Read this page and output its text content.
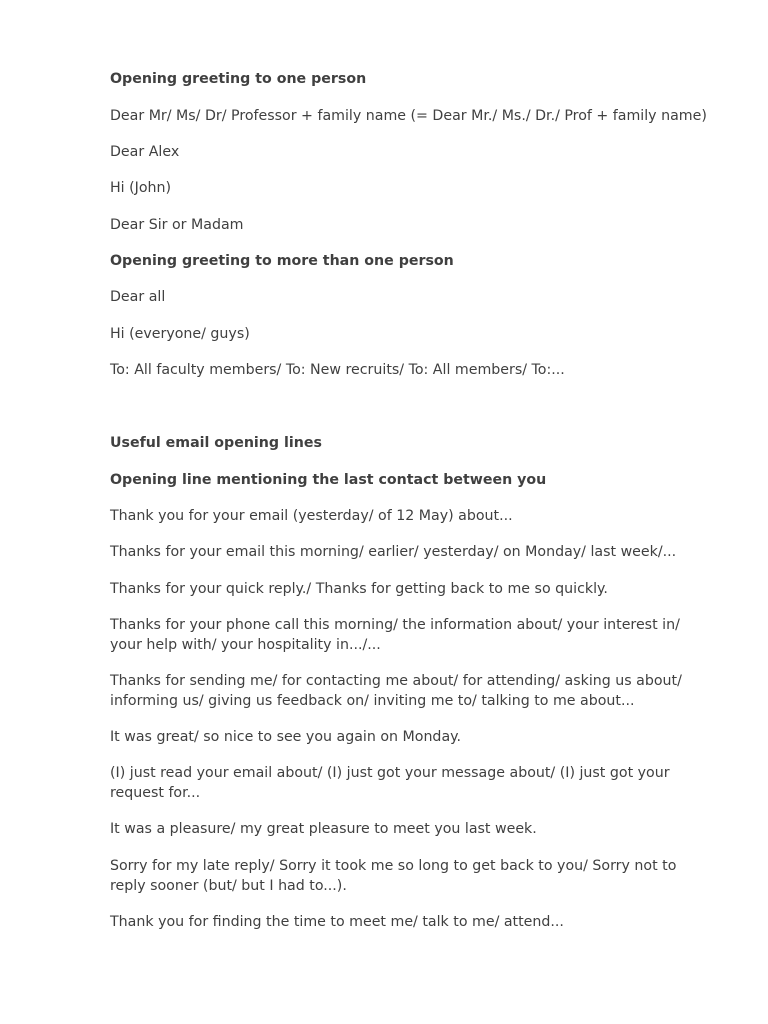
Opening greeting to one person

Dear Mr/ Ms/ Dr/ Professor + family name (= Dear Mr./ Ms./ Dr./ Prof + family name)

Dear Alex

Hi (John)

Dear Sir or Madam

Opening greeting to more than one person

Dear all

Hi (everyone/ guys)

To: All faculty members/ To: New recruits/ To: All members/ To:...

Useful email opening lines

Opening line mentioning the last contact between you

Thank you for your email (yesterday/ of 12 May) about...

Thanks for your email this morning/ earlier/ yesterday/ on Monday/ last week/...

Thanks for your quick reply./ Thanks for getting back to me so quickly.

Thanks for your phone call this morning/ the information about/ your interest in/ your help with/ your hospitality in.../...

Thanks for sending me/ for contacting me about/ for attending/ asking us about/ informing us/ giving us feedback on/ inviting me to/ talking to me about...

It was great/ so nice to see you again on Monday.

(I) just read your email about/ (I) just got your message about/ (I) just got your request for...

It was a pleasure/ my great pleasure to meet you last week.

Sorry for my late reply/ Sorry it took me so long to get back to you/ Sorry not to reply sooner (but/ but I had to...).

Thank you for finding the time to meet me/ talk to me/ attend...
